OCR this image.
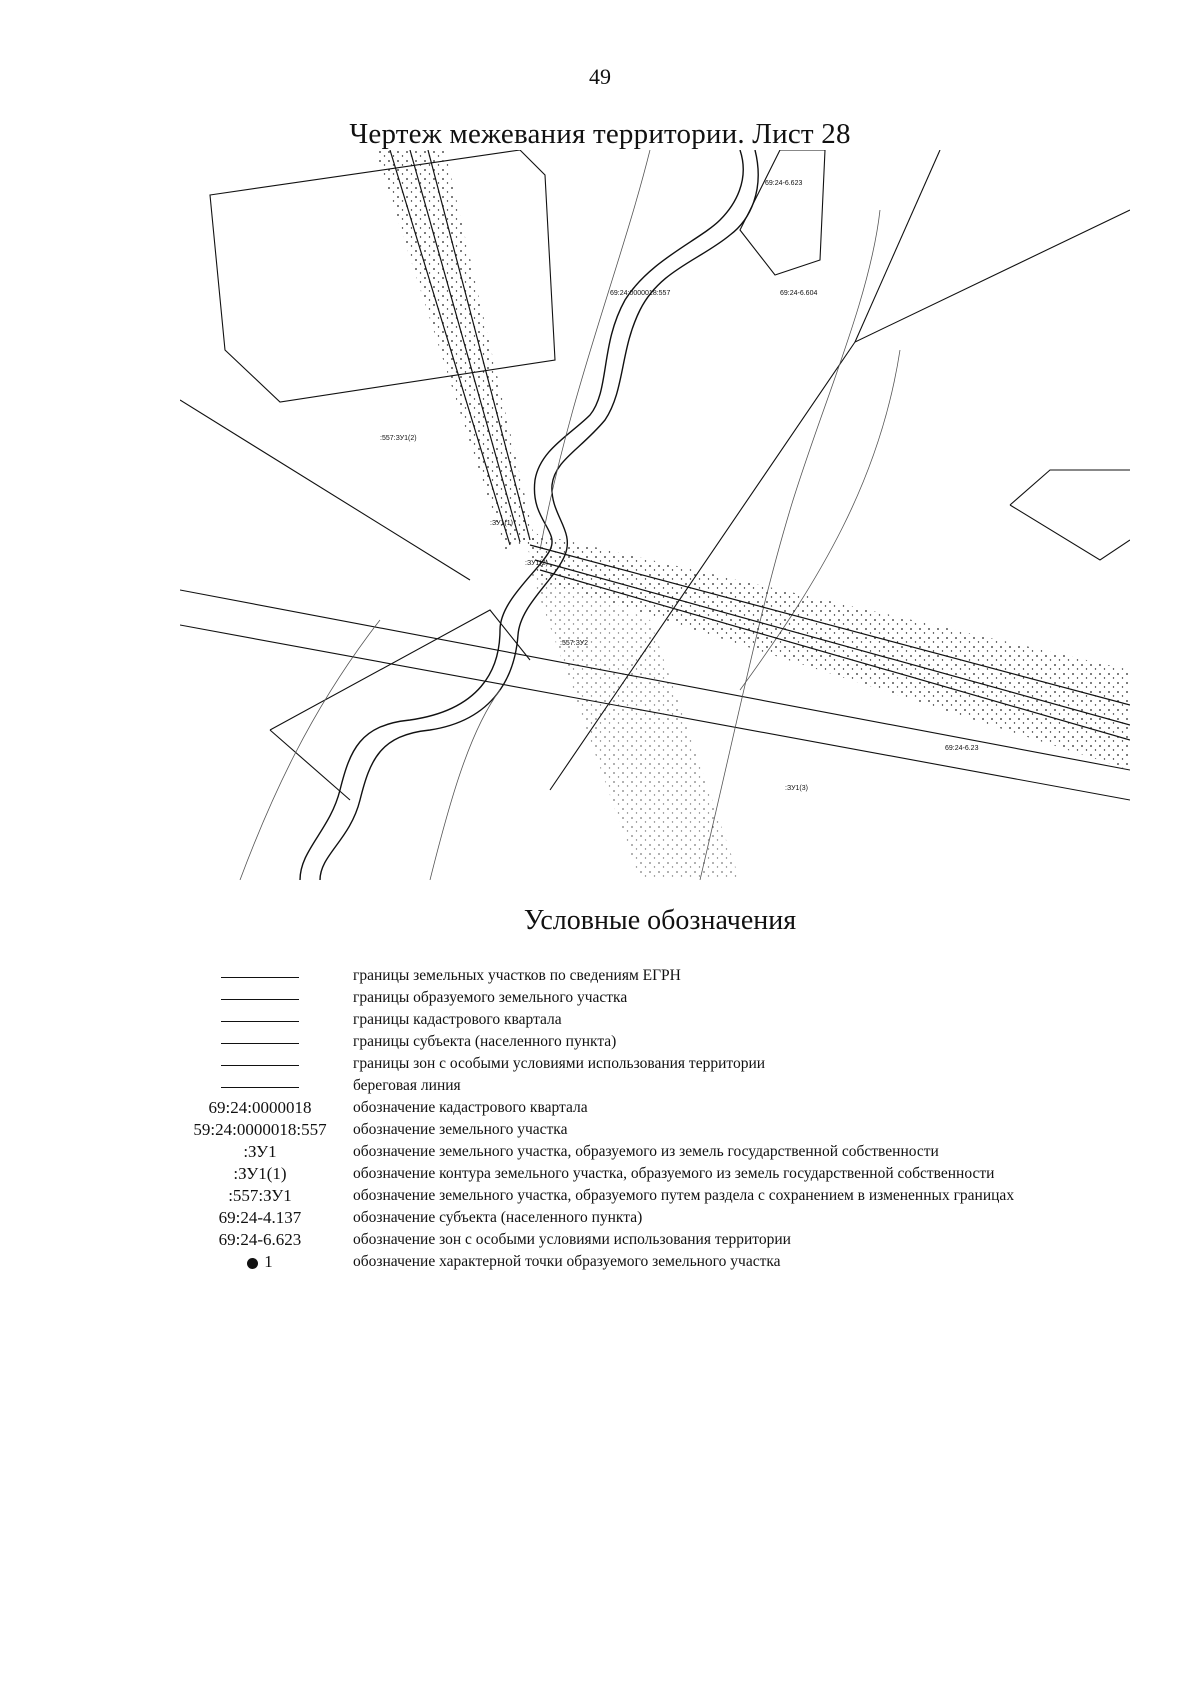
49
Чертеж межевания территории. Лист 28
69:24-6.623
69:24:0000018:557	69:24-6.604
:557:ЗУ1(2)
:ЗУ1(1)
:ЗУ1(2)
:557:ЗУ2
69:24-6.23
:ЗУ1(3)
Условные обозначения
границы земельных участков по сведениям ЕГРН
границы образуемого земельного участка
границы кадастрового квартала
границы субъекта (населенного пункта)
границы зон с особыми условиями использования территории
береговая линия
69:24:0000018	обозначение кадастрового квартала
59:24:0000018:557	обозначение земельного участка
:ЗУ1	обозначение земельного участка, образуемого из земель государственной собственности
:ЗУ1(1)	обозначение контура земельного участка, образуемого из земель государственной собственности
:557:ЗУ1	обозначение земельного участка, образуемого путем раздела с сохранением в измененных границах
69:24-4.137	обозначение субъекта (населенного пункта)
69:24-6.623	обозначение зон с особыми условиями использования территории
1	обозначение характерной точки образуемого земельного участка
